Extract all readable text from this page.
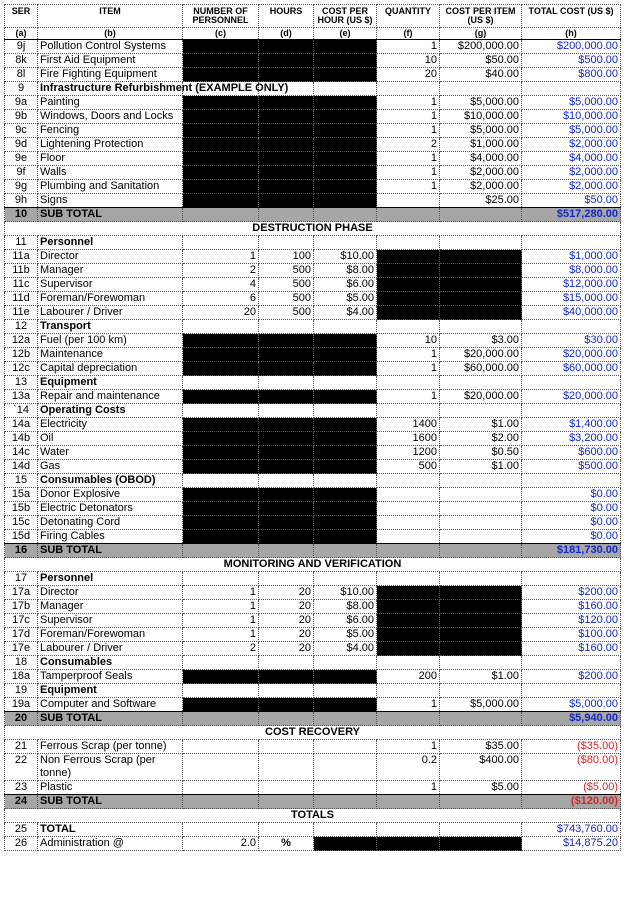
SER	ITEM	NUMBER OF PERSONNEL	HOURS	COST PER HOUR (US $)	QUANTITY	COST PER ITEM (US $)	TOTAL COST (US $)
(a)	(b)	(c)	(d)	(e)	(f)	(g)	(h)
9j	Pollution Control Systems				1	$200,000.00	$200,000.00
8k	First Aid Equipment				10	$50.00	$500.00
8l	Fire Fighting Equipment				20	$40.00	$800.00
9	Infrastructure Refurbishment (EXAMPLE ONLY)						
9a	Painting				1	$5,000.00	$5,000.00
9b	Windows, Doors and Locks				1	$10,000.00	$10,000.00
9c	Fencing				1	$5,000.00	$5,000.00
9d	Lightening Protection				2	$1,000.00	$2,000.00
9e	Floor				1	$4,000.00	$4,000.00
9f	Walls				1	$2,000.00	$2,000.00
9g	Plumbing and Sanitation				1	$2,000.00	$2,000.00
9h	Signs					$25.00	$50.00
10	SUB TOTAL						$517,280.00
DESTRUCTION PHASE							
11	Personnel						
11a	Director	1	100	$10.00			$1,000.00
11b	Manager	2	500	$8.00			$8,000.00
11c	Supervisor	4	500	$6.00			$12,000.00
11d	Foreman/Forewoman	6	500	$5.00			$15,000.00
11e	Labourer / Driver	20	500	$4.00			$40,000.00
12	Transport						
12a	Fuel (per 100 km)				10	$3.00	$30.00
12b	Maintenance				1	$20,000.00	$20,000.00
12c	Capital depreciation				1	$60,000.00	$60,000.00
13	Equipment						
13a	Repair and maintenance				1	$20,000.00	$20,000.00
`14	Operating Costs						
14a	Electricity				1400	$1.00	$1,400.00
14b	Oil				1600	$2.00	$3,200.00
14c	Water				1200	$0.50	$600.00
14d	Gas				500	$1.00	$500.00
15	Consumables (OBOD)						
15a	Donor Explosive						$0.00
15b	Electric Detonators						$0.00
15c	Detonating Cord						$0.00
15d	Firing Cables						$0.00
16	SUB TOTAL						$181,730.00
MONITORING AND VERIFICATION							
17	Personnel						
17a	Director	1	20	$10.00			$200.00
17b	Manager	1	20	$8.00			$160.00
17c	Supervisor	1	20	$6.00			$120.00
17d	Foreman/Forewoman	1	20	$5.00			$100.00
17e	Labourer / Driver	2	20	$4.00			$160.00
18	Consumables						
18a	Tamperproof Seals				200	$1.00	$200.00
19	Equipment						
19a	Computer and Software				1	$5,000.00	$5,000.00
20	SUB TOTAL						$5,940.00
COST RECOVERY							
21	Ferrous Scrap (per tonne)				1	$35.00	($35.00)
22	Non Ferrous Scrap (per tonne)				0.2	$400.00	($80.00)
23	Plastic				1	$5.00	($5.00)
24	SUB TOTAL						($120.00)
TOTALS							
25	TOTAL						$743,760.00
26	Administration @	2.0	%				$14,875.20
